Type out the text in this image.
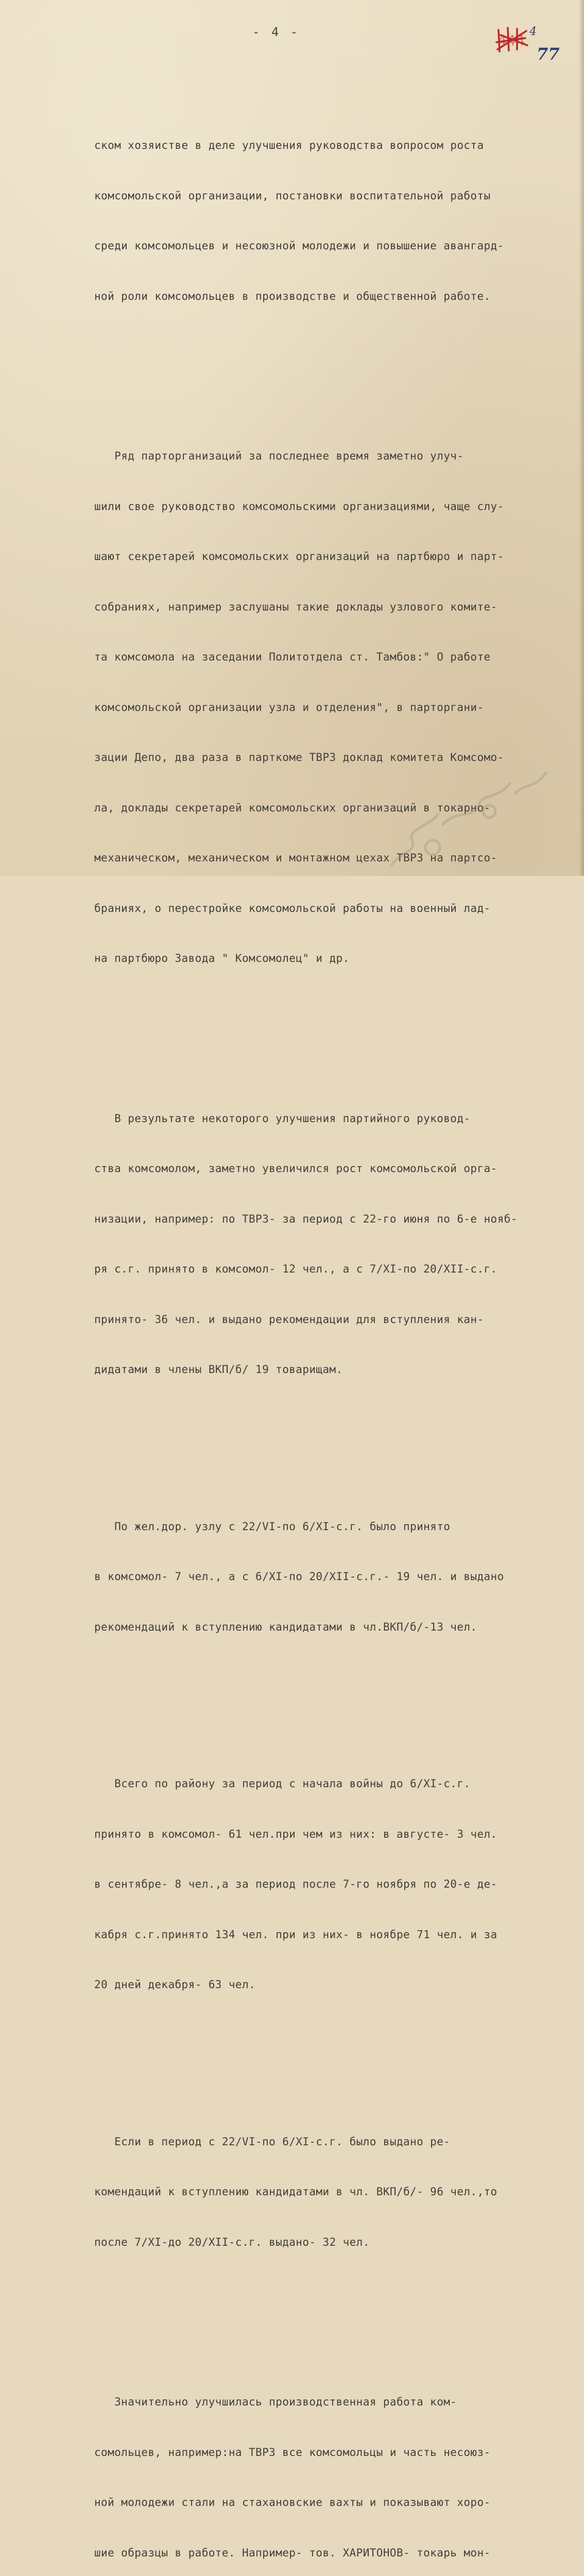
- 4 -	444
4
77

ском хозяистве в деле улучшения руководства вопросом роста

комсомольской организации, постановки воспитательной работы

среди комсомольцев и несоюзной молодежи и повышение авангард-

ной роли комсомольцев в производстве и общественной работе.

Ряд парторганизаций за последнее время заметно улуч-

шили свое руководство комсомольскими организациями, чаще слу-

шают секретарей комсомольских организаций на партбюро и парт-

собраниях, например заслушаны такие доклады узлового комите-

та комсомола на заседании Политотдела ст. Тамбов:" О работе

комсомольской организации узла и отделения", в парторгани-

зации Депо, два раза в парткоме ТВРЗ доклад комитета Комсомо-

ла, доклады секретарей комсомольских организаций в токарно-

механическом, механическом и монтажном цехах ТВРЗ на партсо-

браниях, о перестройке комсомольской работы на военный лад-

на партбюро Завода " Комсомолец" и др.

В результате некоторого улучшения партийного руковод-

ства комсомолом, заметно увеличился рост комсомольской орга-

низации, например: по ТВРЗ- за период с 22-го июня по 6-е нояб-

ря с.г. принято в комсомол- 12 чел., а с 7/XI-по 20/XII-с.г.

принято- 36 чел. и выдано рекомендации для вступления кан-

дидатами в члены ВКП/б/ 19 товарищам.

По жел.дор. узлу с 22/VI-по 6/XI-с.г. было принято

в комсомол- 7 чел., а с 6/XI-по 20/XII-с.г.- 19 чел. и выдано

рекомендаций к вступлению кандидатами в чл.ВКП/б/-13 чел.

Всего по району за период с начала войны до 6/XI-с.г.

принято в комсомол- 61 чел.при чем из них: в августе- 3 чел.

в сентябре- 8 чел.,а за период после 7-го ноября по 20-е де-

кабря с.г.принято 134 чел. при из них- в ноябре 71 чел. и за

20 дней декабря- 63 чел.

Если в период с 22/VI-по 6/XI-с.г. было выдано ре-

комендаций к вступлению кандидатами в чл. ВКП/б/- 96 чел.,то

после 7/XI-до 20/XII-с.г. выдано- 32 чел.

Значительно улучшилась производственная работа ком-

сомольцев, например:на ТВРЗ все комсомольцы и часть несоюз-

ной молодежи стали на стахановские вахты и показывают хоро-

шие образцы в работе. Например- тов. ХАРИТОНОВ- токарь мон-
